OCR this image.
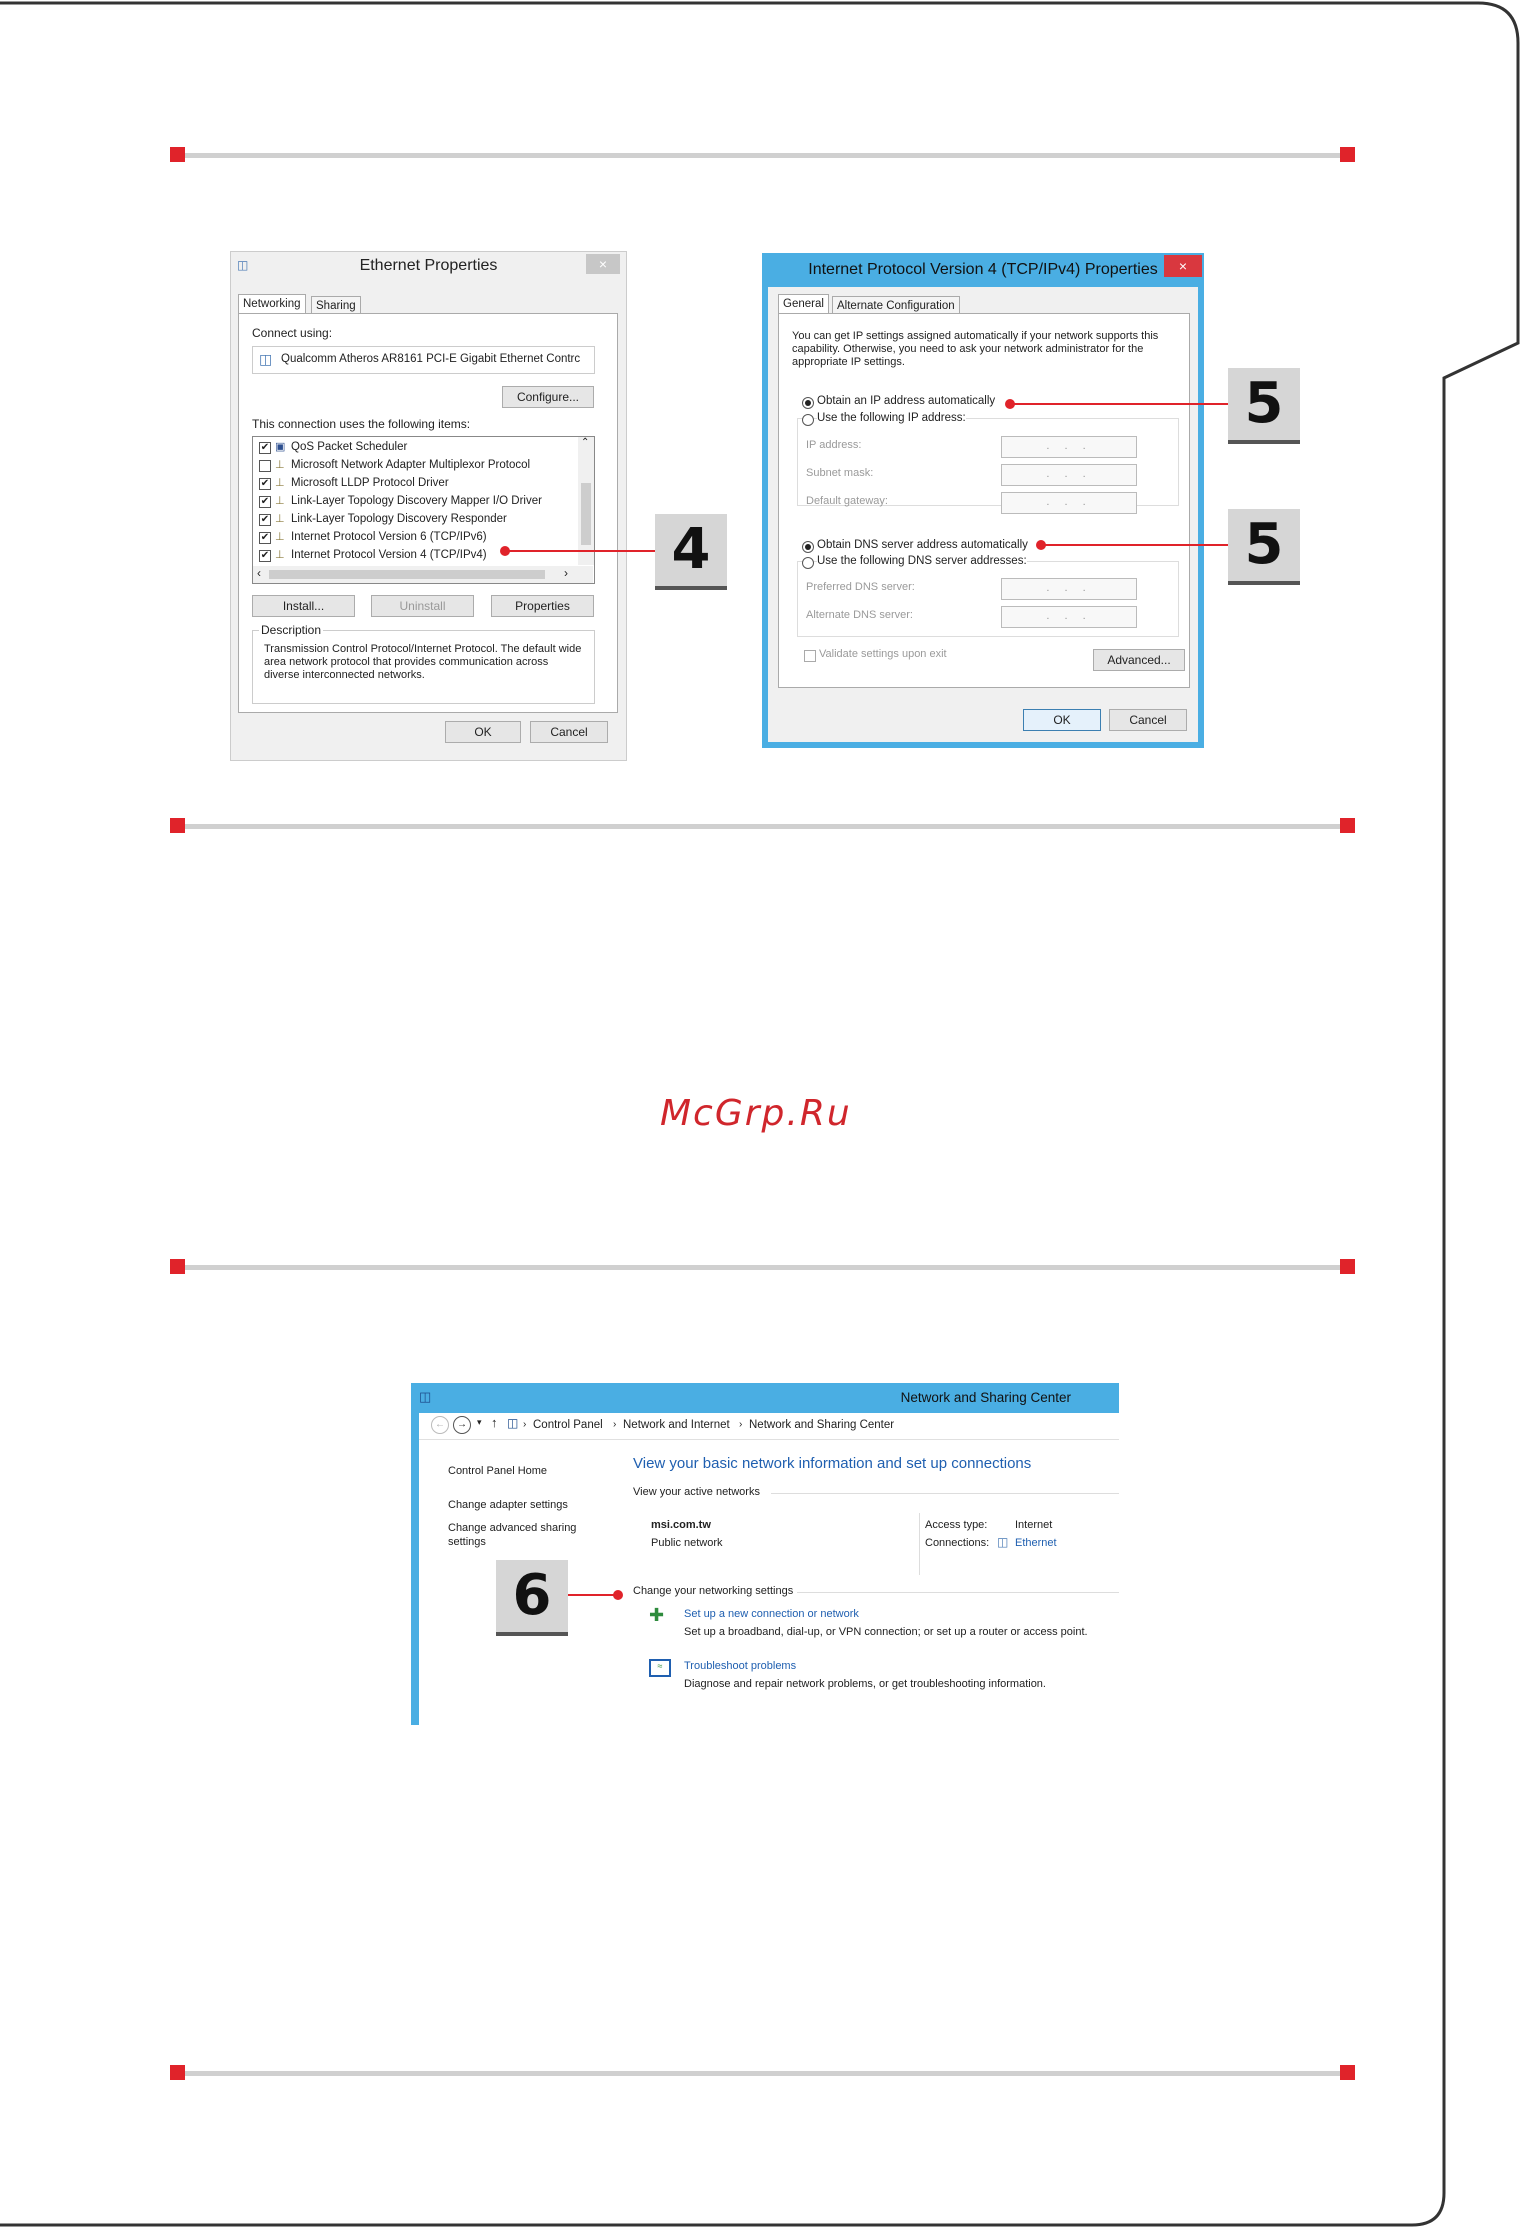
Ethernet Properties
◫	×
Networking	Sharing
Connect using:
◫ Qualcomm Atheros AR8161 PCI-E Gigabit Ethernet Contrc
Configure...
This connection uses the following items:
✔ ▣ QoS Packet Scheduler
⊥ Microsoft Network Adapter Multiplexor Protocol
✔ ⊥ Microsoft LLDP Protocol Driver
✔ ⊥ Link-Layer Topology Discovery Mapper I/O Driver
✔ ⊥ Link-Layer Topology Discovery Responder
✔ ⊥ Internet Protocol Version 6 (TCP/IPv6)
✔ ⊥ Internet Protocol Version 4 (TCP/IPv4)
⌃
‹	›
Install...	Uninstall	Properties
Description
Transmission Control Protocol/Internet Protocol. The default wide area network protocol that provides communication across diverse interconnected networks.
OK	Cancel
4
Internet Protocol Version 4 (TCP/IPv4) Properties	×
General	Alternate Configuration
You can get IP settings assigned automatically if your network supports this capability. Otherwise, you need to ask your network administrator for the appropriate IP settings.
Obtain an IP address automatically
Use the following IP address:
IP address:	. . .
Subnet mask:	. . .
Default gateway:	. . .
Obtain DNS server address automatically
Use the following DNS server addresses:
Preferred DNS server:	. . .
Alternate DNS server:	. . .
Validate settings upon exit	Advanced...
OK	Cancel
5
5
McGrp.Ru
◫	Network and Sharing Center
←	→	▾ ↑ ◫ › Control Panel › Network and Internet › Network and Sharing Center
Control Panel Home
Change adapter settings
Change advanced sharing settings
View your basic network information and set up connections
View your active networks
msi.com.tw
Public network
Access type:	Internet
Connections: ◫ Ethernet
Change your networking settings
✚ Set up a new connection or network
Set up a broadband, dial-up, or VPN connection; or set up a router or access point.
≈	Troubleshoot problems
Diagnose and repair network problems, or get troubleshooting information.
6
